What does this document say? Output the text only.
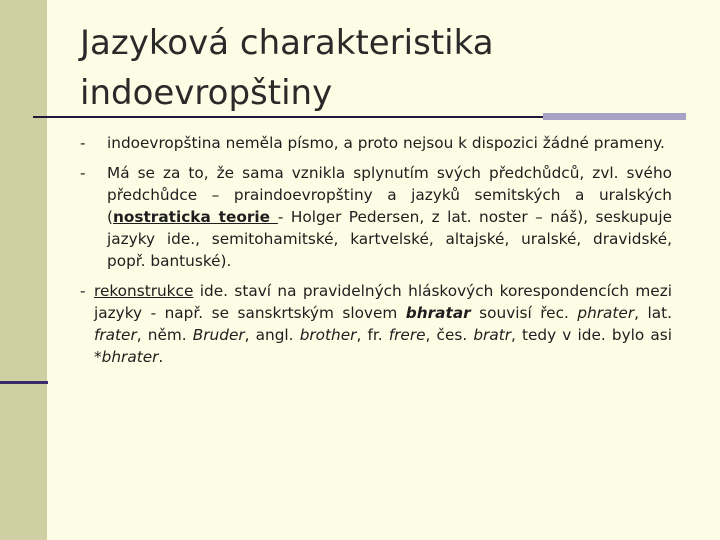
Jazyková charakteristika
indoevropštiny
-	indoevropština neměla písmo, a proto nejsou k dispozici žádné prameny.
-	Má se za to, že sama vznikla splynutím svých předchůdců, zvl. svého předchůdce – praindoevropštiny a jazyků semitských a uralských (nostraticka teorie - Holger Pedersen, z lat. noster – náš), seskupuje jazyky ide., semitohamitské, kartvelské, altajské, uralské, dravidské, popř. bantuské).
- rekonstrukce ide. staví na pravidelných hláskových korespondencích mezi jazyky - např. se sanskrtským slovem bhratar souvisí řec. phrater, lat. frater, něm. Bruder, angl. brother, fr. frere, čes. bratr, tedy v ide. bylo asi *bhrater.
